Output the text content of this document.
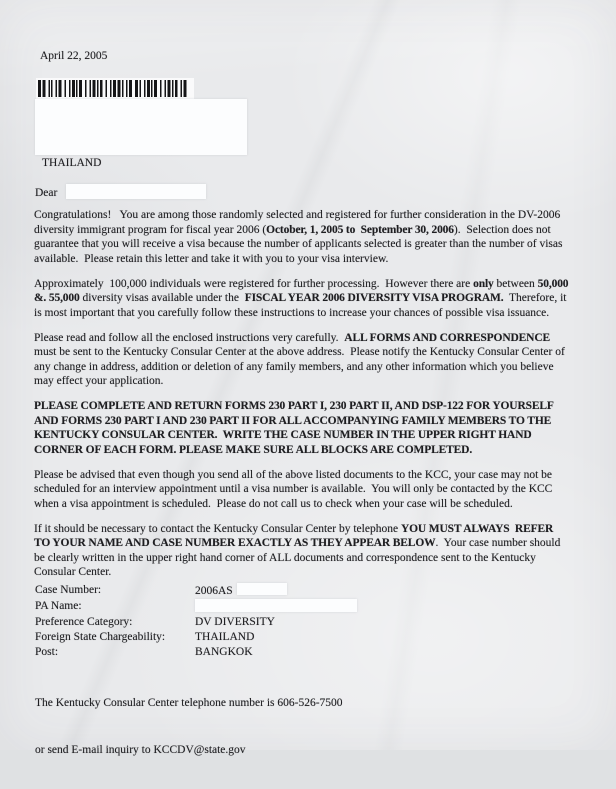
April 22, 2005
THAILAND
Dear
Congratulations!   You are among those randomly selected and registered for further consideration in the DV-2006
diversity immigrant program for fiscal year 2006 (October, 1, 2005 to  September 30, 2006).  Selection does not
guarantee that you will receive a visa because the number of applicants selected is greater than the number of visas
available.  Please retain this letter and take it with you to your visa interview.
Approximately  100,000 individuals were registered for further processing.  However there are only between 50,000
&. 55,000 diversity visas available under the  FISCAL YEAR 2006 DIVERSITY VISA PROGRAM.  Therefore, it
is most important that you carefully follow these instructions to increase your chances of possible visa issuance.
Please read and follow all the enclosed instructions very carefully.  ALL FORMS AND CORRESPONDENCE
must be sent to the Kentucky Consular Center at the above address.  Please notify the Kentucky Consular Center of
any change in address, addition or deletion of any family members, and any other information which you believe
may effect your application.
PLEASE COMPLETE AND RETURN FORMS 230 PART I, 230 PART II, AND DSP-122 FOR YOURSELF
AND FORMS 230 PART I AND 230 PART II FOR ALL ACCOMPANYING FAMILY MEMBERS TO THE
KENTUCKY CONSULAR CENTER.  WRITE THE CASE NUMBER IN THE UPPER RIGHT HAND
CORNER OF EACH FORM. PLEASE MAKE SURE ALL BLOCKS ARE COMPLETED.
Please be advised that even though you send all of the above listed documents to the KCC, your case may not be
scheduled for an interview appointment until a visa number is available.  You will only be contacted by the KCC
when a visa appointment is scheduled.  Please do not call us to check when your case will be scheduled.
If it should be necessary to contact the Kentucky Consular Center by telephone YOU MUST ALWAYS  REFER
TO YOUR NAME AND CASE NUMBER EXACTLY AS THEY APPEAR BELOW.  Your case number should
be clearly written in the upper right hand corner of ALL documents and correspondence sent to the Kentucky
Consular Center.
Case Number:	2006AS
PA Name:
Preference Category:	DV DIVERSITY
Foreign State Chargeability:	THAILAND
Post:	BANGKOK

The Kentucky Consular Center telephone number is 606-526-7500

or send E-mail inquiry to KCCDV@state.gov
